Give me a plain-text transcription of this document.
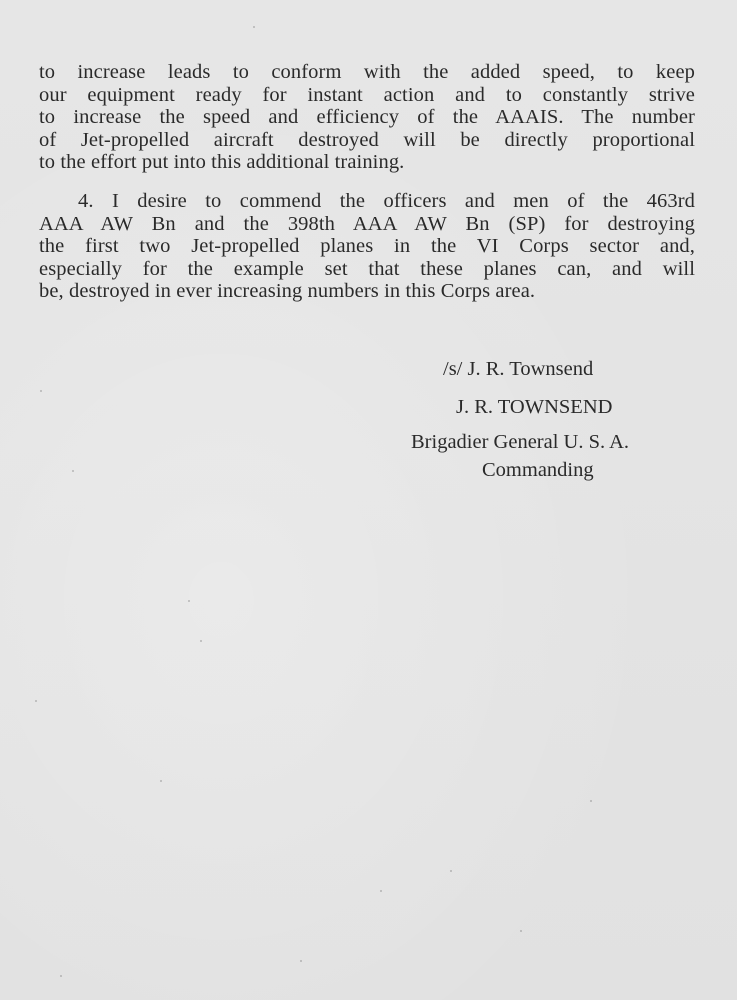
to increase leads to conform with the added speed, to keep
our equipment ready for instant action and to constantly strive
to increase the speed and efficiency of the AAAIS. The number
of Jet-propelled aircraft destroyed will be directly proportional
to the effort put into this additional training.
4. I desire to commend the officers and men of the 463rd
AAA AW Bn and the 398th AAA AW Bn (SP) for destroying
the first two Jet-propelled planes in the VI Corps sector and,
especially for the example set that these planes can, and will
be, destroyed in ever increasing numbers in this Corps area.
/s/ J. R. Townsend
J. R. TOWNSEND
Brigadier General U. S. A.
Commanding
